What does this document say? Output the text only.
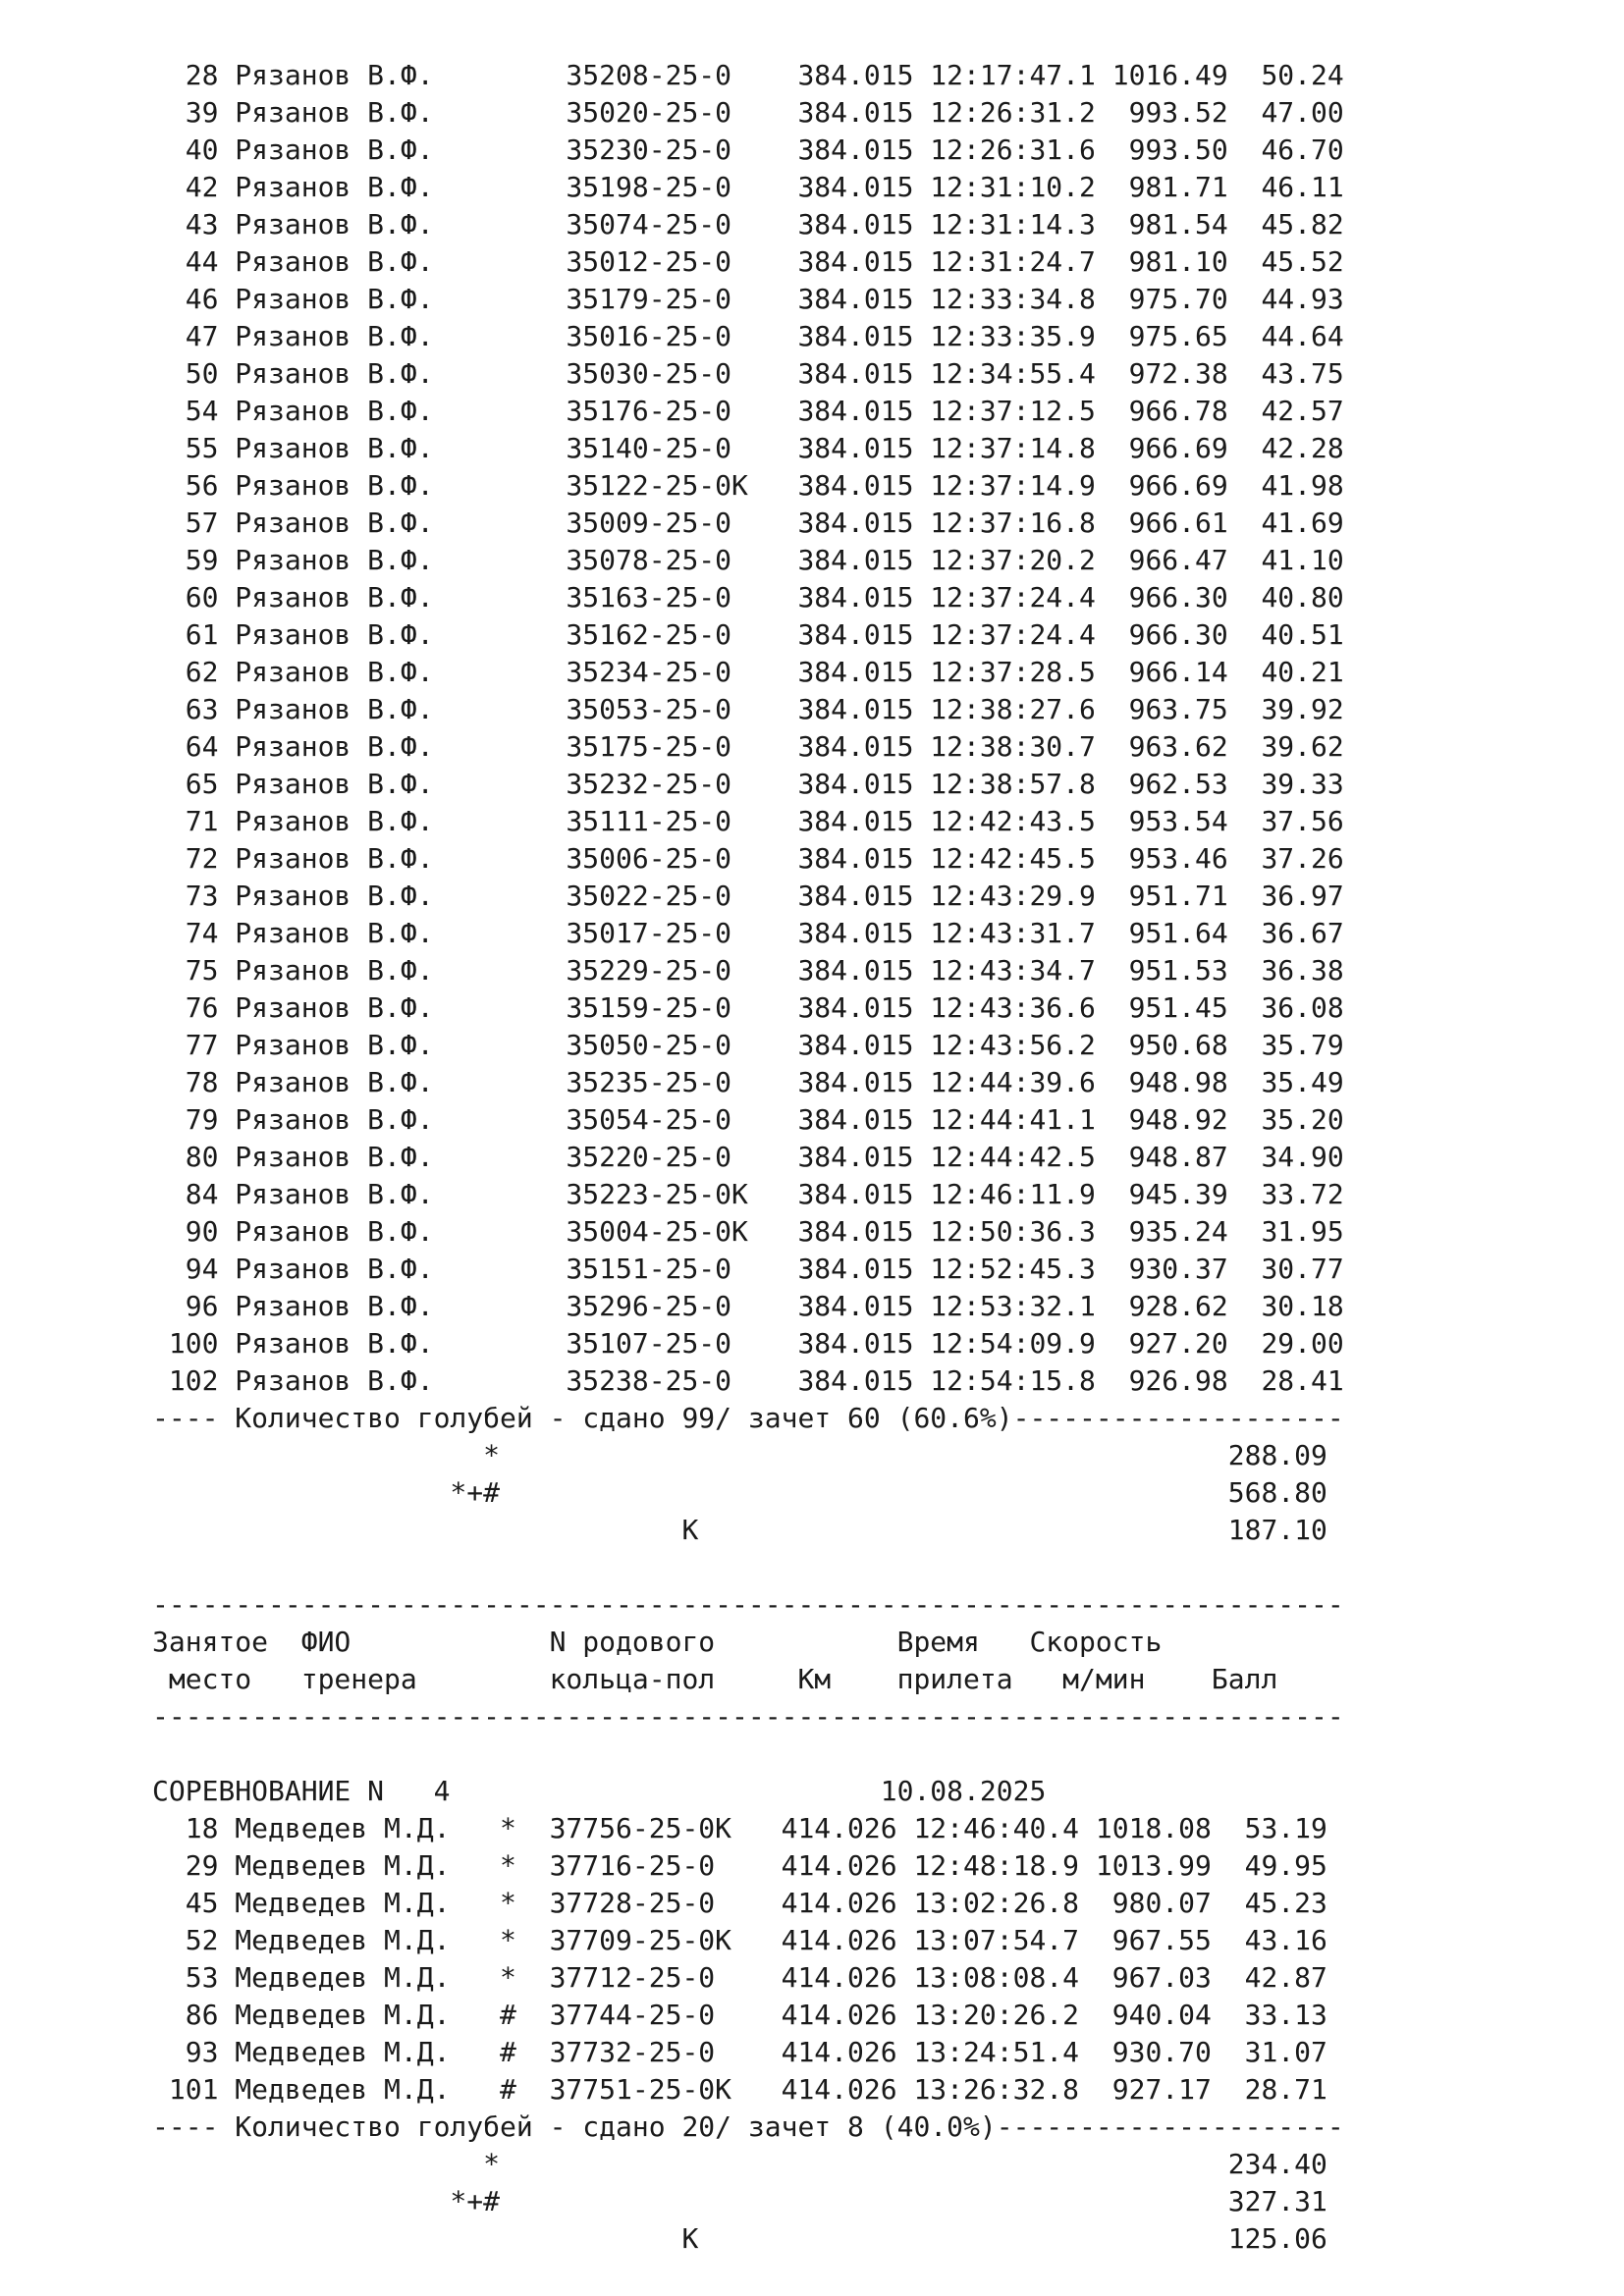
28 Рязанов В.Ф.        35208-25-0    384.015 12:17:47.1 1016.49  50.24
39 Рязанов В.Ф.        35020-25-0    384.015 12:26:31.2  993.52  47.00
40 Рязанов В.Ф.        35230-25-0    384.015 12:26:31.6  993.50  46.70
42 Рязанов В.Ф.        35198-25-0    384.015 12:31:10.2  981.71  46.11
43 Рязанов В.Ф.        35074-25-0    384.015 12:31:14.3  981.54  45.82
44 Рязанов В.Ф.        35012-25-0    384.015 12:31:24.7  981.10  45.52
46 Рязанов В.Ф.        35179-25-0    384.015 12:33:34.8  975.70  44.93
47 Рязанов В.Ф.        35016-25-0    384.015 12:33:35.9  975.65  44.64
50 Рязанов В.Ф.        35030-25-0    384.015 12:34:55.4  972.38  43.75
54 Рязанов В.Ф.        35176-25-0    384.015 12:37:12.5  966.78  42.57
55 Рязанов В.Ф.        35140-25-0    384.015 12:37:14.8  966.69  42.28
56 Рязанов В.Ф.        35122-25-0K   384.015 12:37:14.9  966.69  41.98
57 Рязанов В.Ф.        35009-25-0    384.015 12:37:16.8  966.61  41.69
59 Рязанов В.Ф.        35078-25-0    384.015 12:37:20.2  966.47  41.10
60 Рязанов В.Ф.        35163-25-0    384.015 12:37:24.4  966.30  40.80
61 Рязанов В.Ф.        35162-25-0    384.015 12:37:24.4  966.30  40.51
62 Рязанов В.Ф.        35234-25-0    384.015 12:37:28.5  966.14  40.21
63 Рязанов В.Ф.        35053-25-0    384.015 12:38:27.6  963.75  39.92
64 Рязанов В.Ф.        35175-25-0    384.015 12:38:30.7  963.62  39.62
65 Рязанов В.Ф.        35232-25-0    384.015 12:38:57.8  962.53  39.33
71 Рязанов В.Ф.        35111-25-0    384.015 12:42:43.5  953.54  37.56
72 Рязанов В.Ф.        35006-25-0    384.015 12:42:45.5  953.46  37.26
73 Рязанов В.Ф.        35022-25-0    384.015 12:43:29.9  951.71  36.97
74 Рязанов В.Ф.        35017-25-0    384.015 12:43:31.7  951.64  36.67
75 Рязанов В.Ф.        35229-25-0    384.015 12:43:34.7  951.53  36.38
76 Рязанов В.Ф.        35159-25-0    384.015 12:43:36.6  951.45  36.08
77 Рязанов В.Ф.        35050-25-0    384.015 12:43:56.2  950.68  35.79
78 Рязанов В.Ф.        35235-25-0    384.015 12:44:39.6  948.98  35.49
79 Рязанов В.Ф.        35054-25-0    384.015 12:44:41.1  948.92  35.20
80 Рязанов В.Ф.        35220-25-0    384.015 12:44:42.5  948.87  34.90
84 Рязанов В.Ф.        35223-25-0K   384.015 12:46:11.9  945.39  33.72
90 Рязанов В.Ф.        35004-25-0K   384.015 12:50:36.3  935.24  31.95
94 Рязанов В.Ф.        35151-25-0    384.015 12:52:45.3  930.37  30.77
96 Рязанов В.Ф.        35296-25-0    384.015 12:53:32.1  928.62  30.18
100 Рязанов В.Ф.        35107-25-0    384.015 12:54:09.9  927.20  29.00
102 Рязанов В.Ф.        35238-25-0    384.015 12:54:15.8  926.98  28.41
---- Количество голубей - сдано 99/ зачет 60 (60.6%)--------------------
*                                            288.09
*+#                                            568.80
K                                187.10
------------------------------------------------------------------------
Занятое  ФИО            N родового           Время   Скорость
место   тренера        кольца-пол     Км    прилета   м/мин    Балл
------------------------------------------------------------------------
СОРЕВНОВАНИЕ N   4                          10.08.2025
18 Медведев М.Д.   *  37756-25-0K   414.026 12:46:40.4 1018.08  53.19
29 Медведев М.Д.   *  37716-25-0    414.026 12:48:18.9 1013.99  49.95
45 Медведев М.Д.   *  37728-25-0    414.026 13:02:26.8  980.07  45.23
52 Медведев М.Д.   *  37709-25-0K   414.026 13:07:54.7  967.55  43.16
53 Медведев М.Д.   *  37712-25-0    414.026 13:08:08.4  967.03  42.87
86 Медведев М.Д.   #  37744-25-0    414.026 13:20:26.2  940.04  33.13
93 Медведев М.Д.   #  37732-25-0    414.026 13:24:51.4  930.70  31.07
101 Медведев М.Д.   #  37751-25-0K   414.026 13:26:32.8  927.17  28.71
---- Количество голубей - сдано 20/ зачет 8 (40.0%)---------------------
*                                            234.40
*+#                                            327.31
K                                125.06
